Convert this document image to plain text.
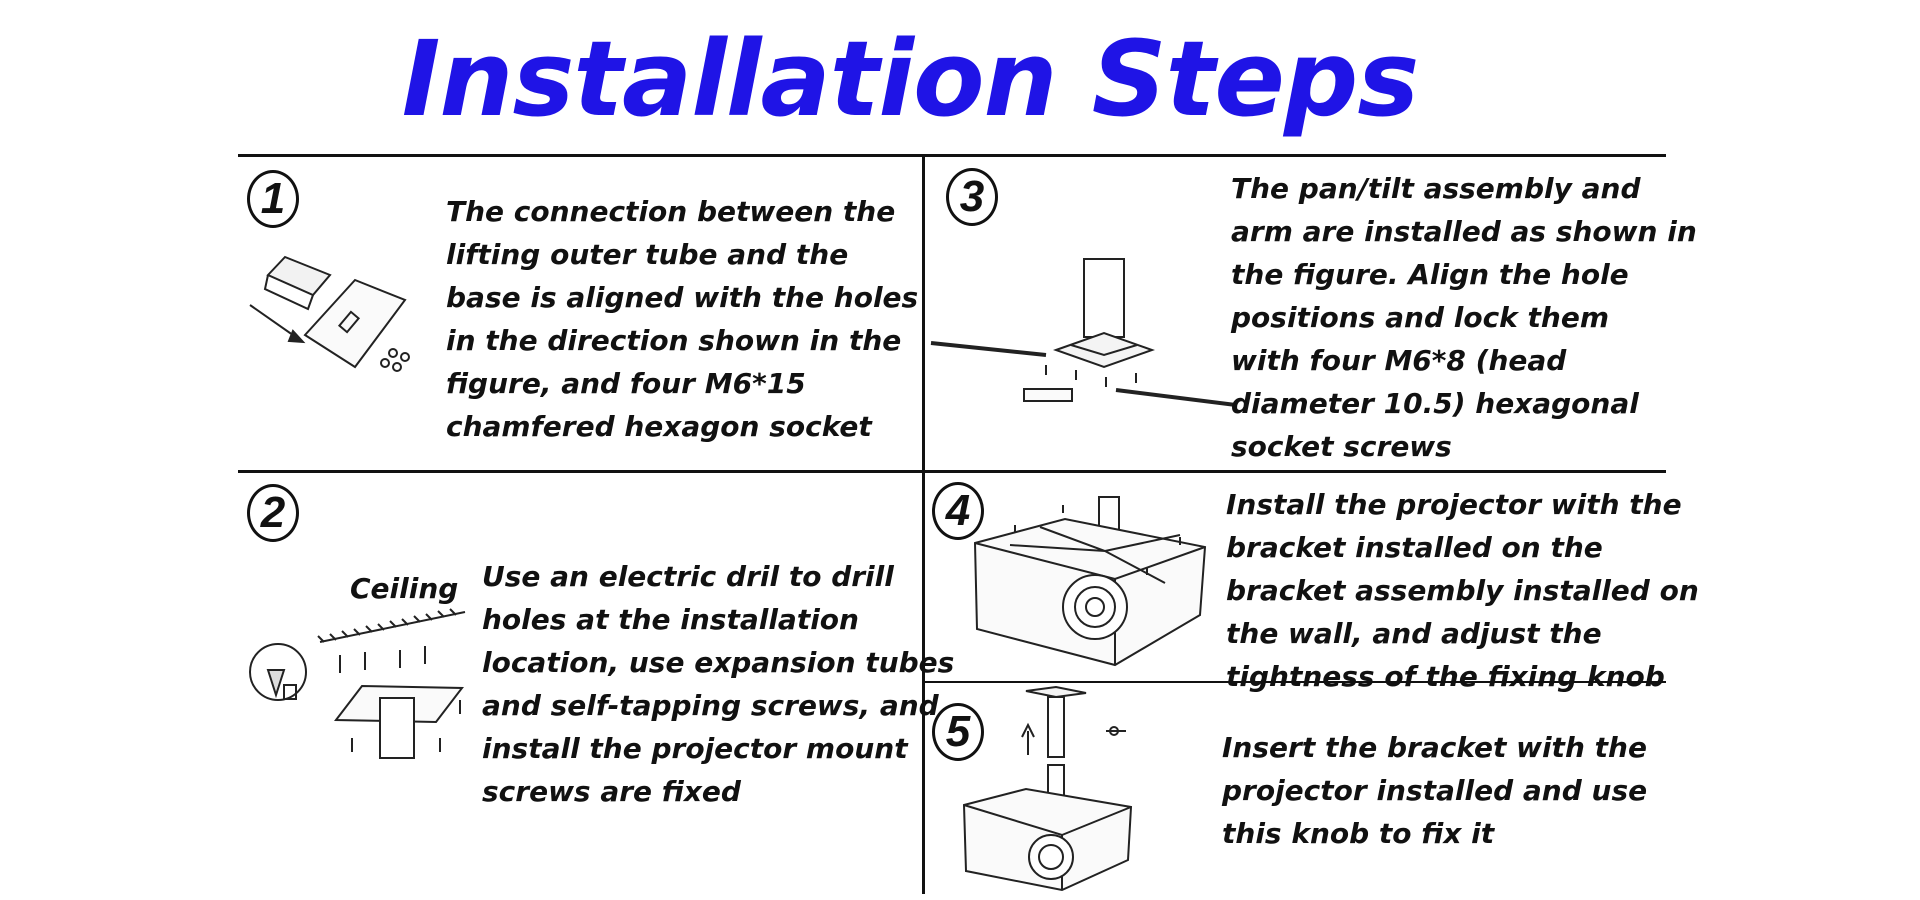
Installation Steps
1	The connection between the
lifting outer tube and the
base is aligned with the holes
in the direction shown in the
figure, and four M6*15
chamfered hexagon socket

2
Ceiling Use an electric dril to drill
holes at the installation
location, use expansion tubes
and self-tapping screws, and
install the projector mount
screws are fixed

3	The pan/tilt assembly and
arm are installed as shown in
the figure. Align the hole
positions and lock them
with four M6*8 (head
diameter 10.5) hexagonal
socket screws

4	Install the projector with the
bracket installed on the
bracket assembly installed on
the wall, and adjust the
tightness of the fixing knob

5	Insert the bracket with the
projector installed and use
this knob to fix it
